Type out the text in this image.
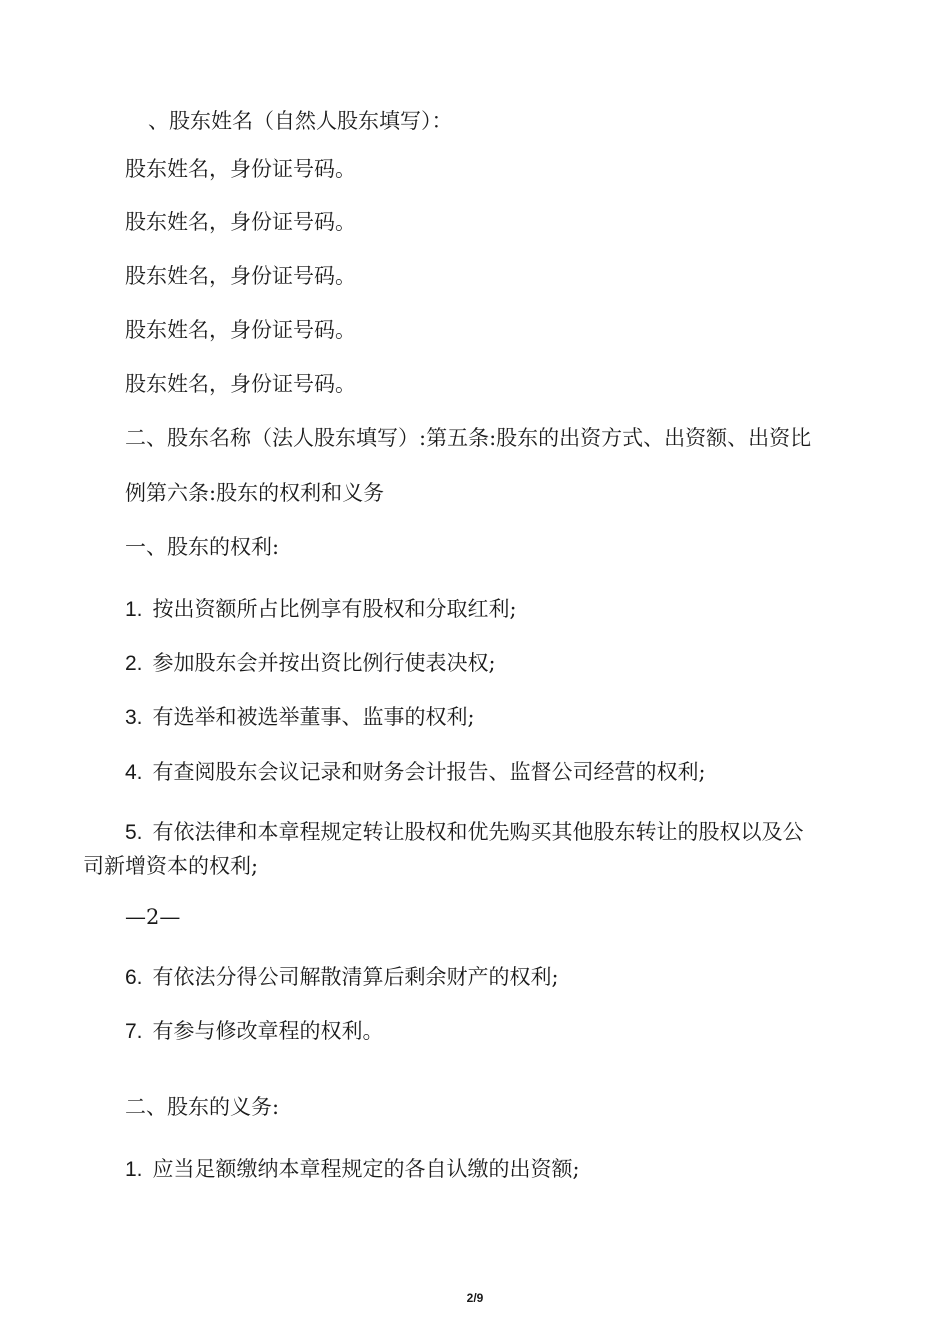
、股东姓名（自然人股东填写）：
股东姓名，身份证号码。
股东姓名，身份证号码。
股东姓名，身份证号码。
股东姓名，身份证号码。
股东姓名，身份证号码。
二、股东名称（法人股东填写）:第五条:股东的出资方式、出资额、出资比
例第六条:股东的权利和义务
一、股东的权利:
1. 按出资额所占比例享有股权和分取红利;
2. 参加股东会并按出资比例行使表决权;
3. 有选举和被选举董事、监事的权利;
4. 有查阅股东会议记录和财务会计报告、监督公司经营的权利;
5. 有依法律和本章程规定转让股权和优先购买其他股东转让的股权以及公
司新增资本的权利;
—2—
6. 有依法分得公司解散清算后剩余财产的权利;
7. 有参与修改章程的权利。
二、股东的义务:
1. 应当足额缴纳本章程规定的各自认缴的出资额;
2/9
